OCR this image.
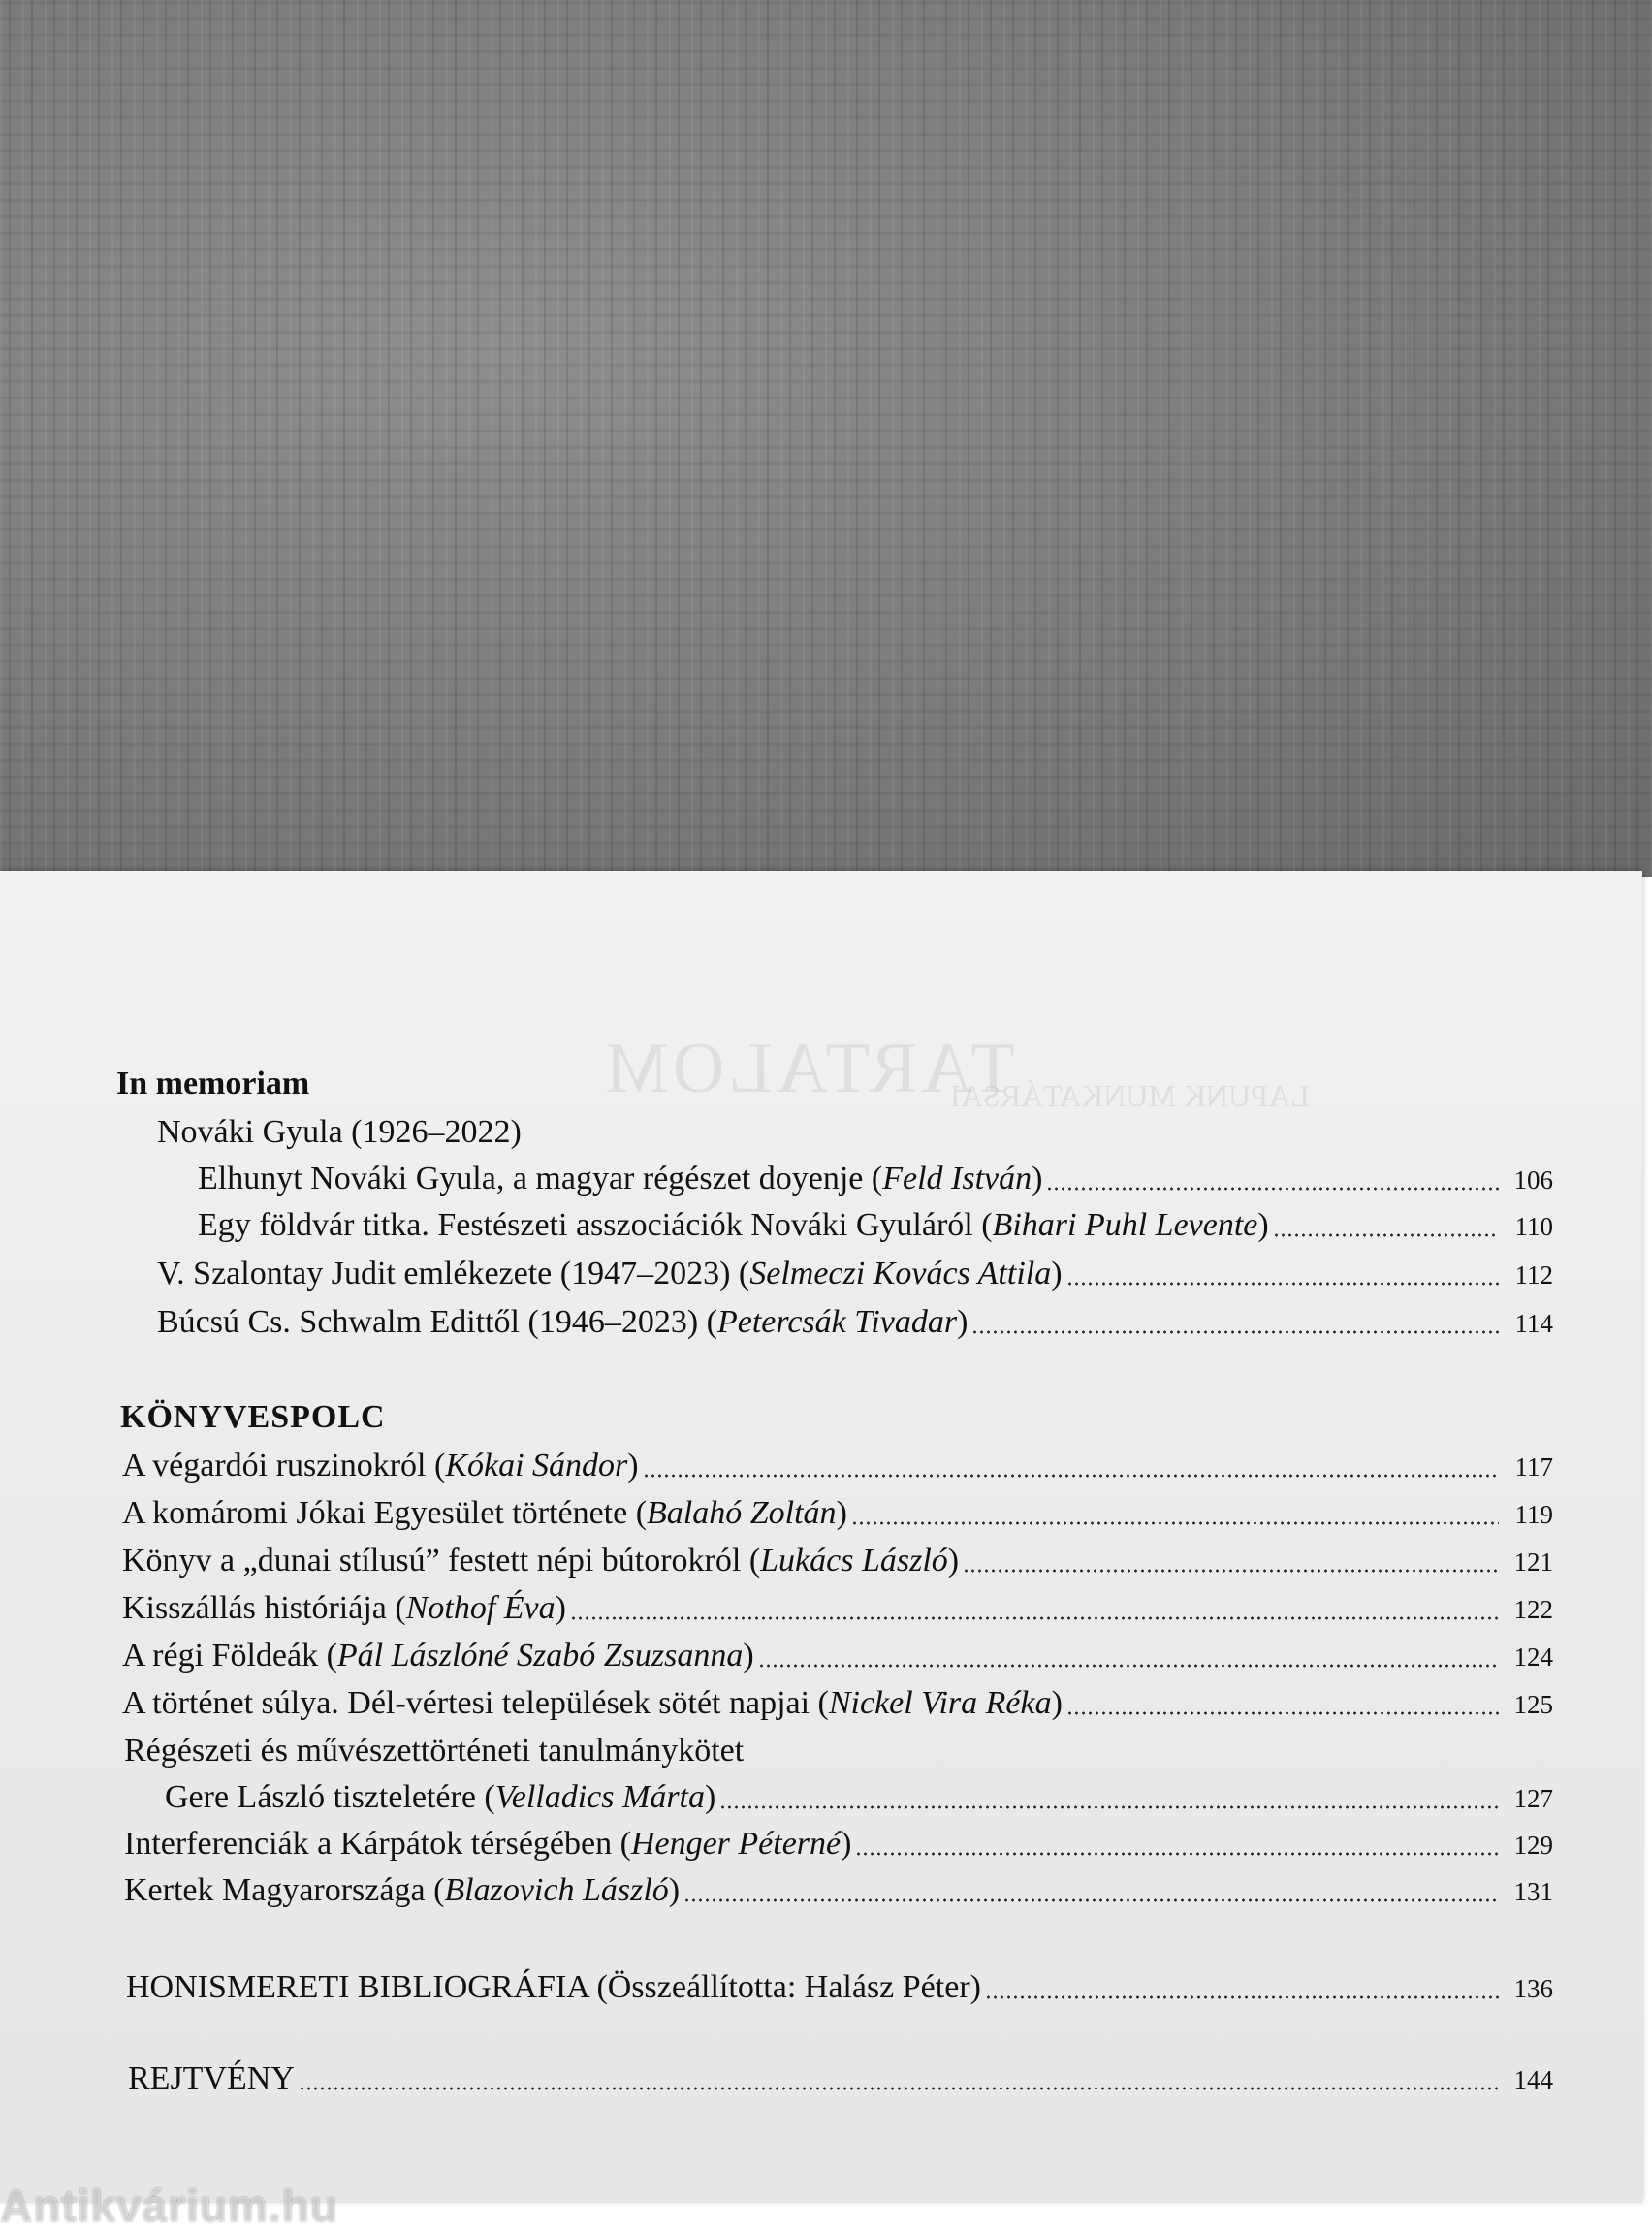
TARTALOM
LAPUNK MUNKATÁRSAI
In memoriam
Nováki Gyula (1926–2022)
Elhunyt Nováki Gyula, a magyar régészet doyenje (Feld István)	106
Egy földvár titka. Festészeti asszociációk Nováki Gyuláról (Bihari Puhl Levente)	110
V. Szalontay Judit emlékezete (1947–2023) (Selmeczi Kovács Attila)	112
Búcsú Cs. Schwalm Edittől (1946–2023) (Petercsák Tivadar)	114
KÖNYVESPOLC
A végardói ruszinokról (Kókai Sándor)	117
A komáromi Jókai Egyesület története (Balahó Zoltán)	119
Könyv a „dunai stílusú” festett népi bútorokról (Lukács László)	121
Kisszállás históriája (Nothof Éva)	122
A régi Földeák (Pál Lászlóné Szabó Zsuzsanna)	124
A történet súlya. Dél-vértesi települések sötét napjai (Nickel Vira Réka)	125
Régészeti és művészettörténeti tanulmánykötet
Gere László tiszteletére (Velladics Márta)	127
Interferenciák a Kárpátok térségében (Henger Péterné)	129
Kertek Magyarországa (Blazovich László)	131
HONISMERETI BIBLIOGRÁFIA (Összeállította: Halász Péter)	136
REJTVÉNY	144
Antikvárium.hu
